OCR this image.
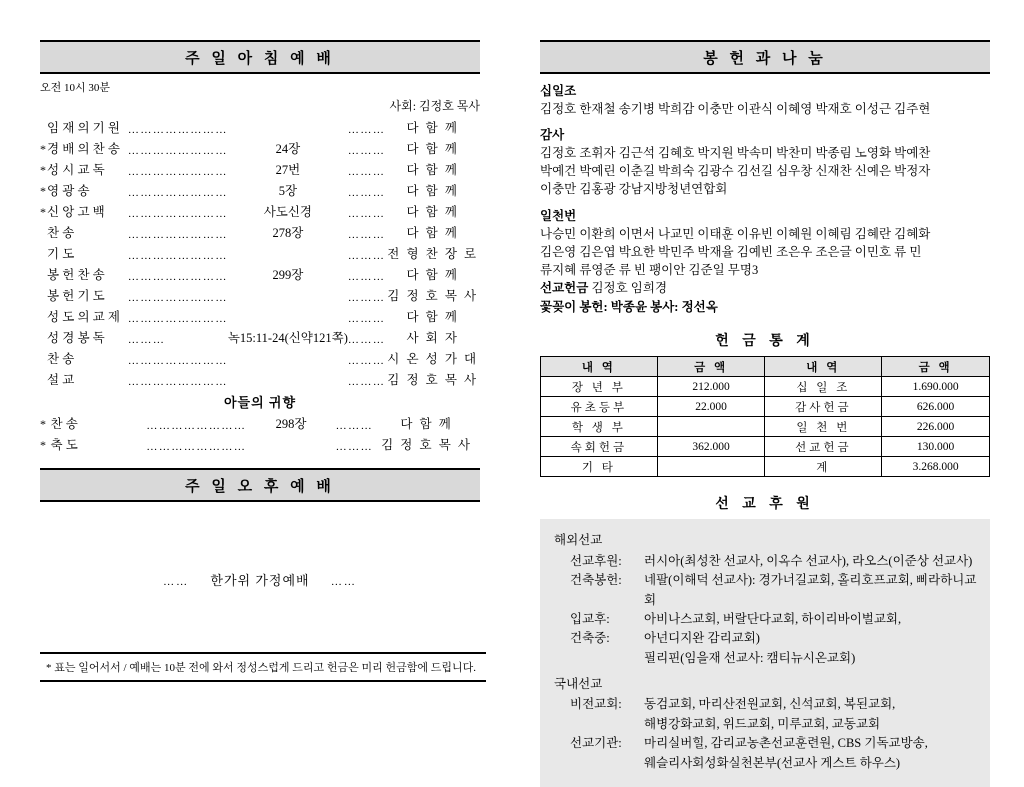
주 일 아 침 예 배
오전 10시 30분
사회: 김정호 목사
	임 재 의 기 원	……………………		………	다 함 께
*	경 배 의 찬 송	……………………	24장	………	다 함 께
*	성 시 교 독	……………………	27번	………	다 함 께
*	영 광 송	……………………	5장	………	다 함 께
*	신 앙 고 백	……………………	사도신경	………	다 함 께
	찬 송	……………………	278장	………	다 함 께
	기 도	……………………		………	전 형 찬 장 로
	봉 헌 찬 송	……………………	299장	………	다 함 께
	봉 헌 기 도	……………………		………	김 정 호 목 사
	성 도 의 교 제	……………………		………	다 함 께
	성 경 봉 독	………	녹15:11-24(신약121쪽)	………	사 회 자
	찬 송	……………………		………	시 온 성 가 대
	설 교	……………………		………	김 정 호 목 사
아들의 귀향
*	찬 송	……………………	298장	………	다 함 께
*	축 도	……………………		………	김 정 호 목 사
주 일 오 후 예 배
…… 한가위 가정예배 ……
* 표는 일어서서 / 예배는 10분 전에 와서 정성스럽게 드리고 헌금은 미리 헌금함에 드립니다.
봉 헌 과 나 눔
십일조
김정호 한재철 송기병 박희감 이충만 이관식 이혜영 박재호 이성근 김주현
감사
김정호 조휘자 김근석 김혜호 박지원 박속미 박찬미 박종림 노영화 박예찬
박예건 박예린 이춘길 박희숙 김광수 김선길 심우창 신재찬 신예은 박정자
이충만 김홍광 강남지방청년연합회
일천번
나승민 이환희 이면서 나교민 이태훈 이유빈 이혜원 이혜림 김혜란 김혜화
김은영 김은엽 박요한 박민주 박재율 김예빈 조은우 조은글 이민호 류 민
류지혜 류영준 류 빈 팽이안 김준일 무명3
선교헌금 김정호 임희경
꽃꽂이 봉헌: 박종윤 봉사: 정선옥
헌 금 통 계
내 역	금 액	내 역	금 액
장 년 부	212.000	십 일 조	1.690.000
유초등부	22.000	감사헌금	626.000
학 생 부		일 천 번	226.000
속회헌금	362.000	선교헌금	130.000
기 타		계	3.268.000
선 교 후 원
해외선교
선교후원:	러시아(최성찬 선교사, 이옥수 선교사), 라오스(이준상 선교사)
건축봉헌:	네팔(이해덕 선교사): 경가너길교회, 홀리호프교회, 삐라하니교회
입교후:	아비나스교회, 버랄단다교회, 하이리바이벌교회,
건축중:	아넌디지완 감리교회)
필리핀(임을재 선교사: 캠티뉴시온교회)
국내선교
비전교회:	동검교회, 마리산전원교회, 신석교회, 복된교회,
해병강화교회, 위드교회, 미루교회, 교동교회
선교기관:	마리실버힐, 감리교농촌선교훈련원, CBS 기독교방송,
웨슬리사회성화실천본부(선교사 게스트 하우스)
